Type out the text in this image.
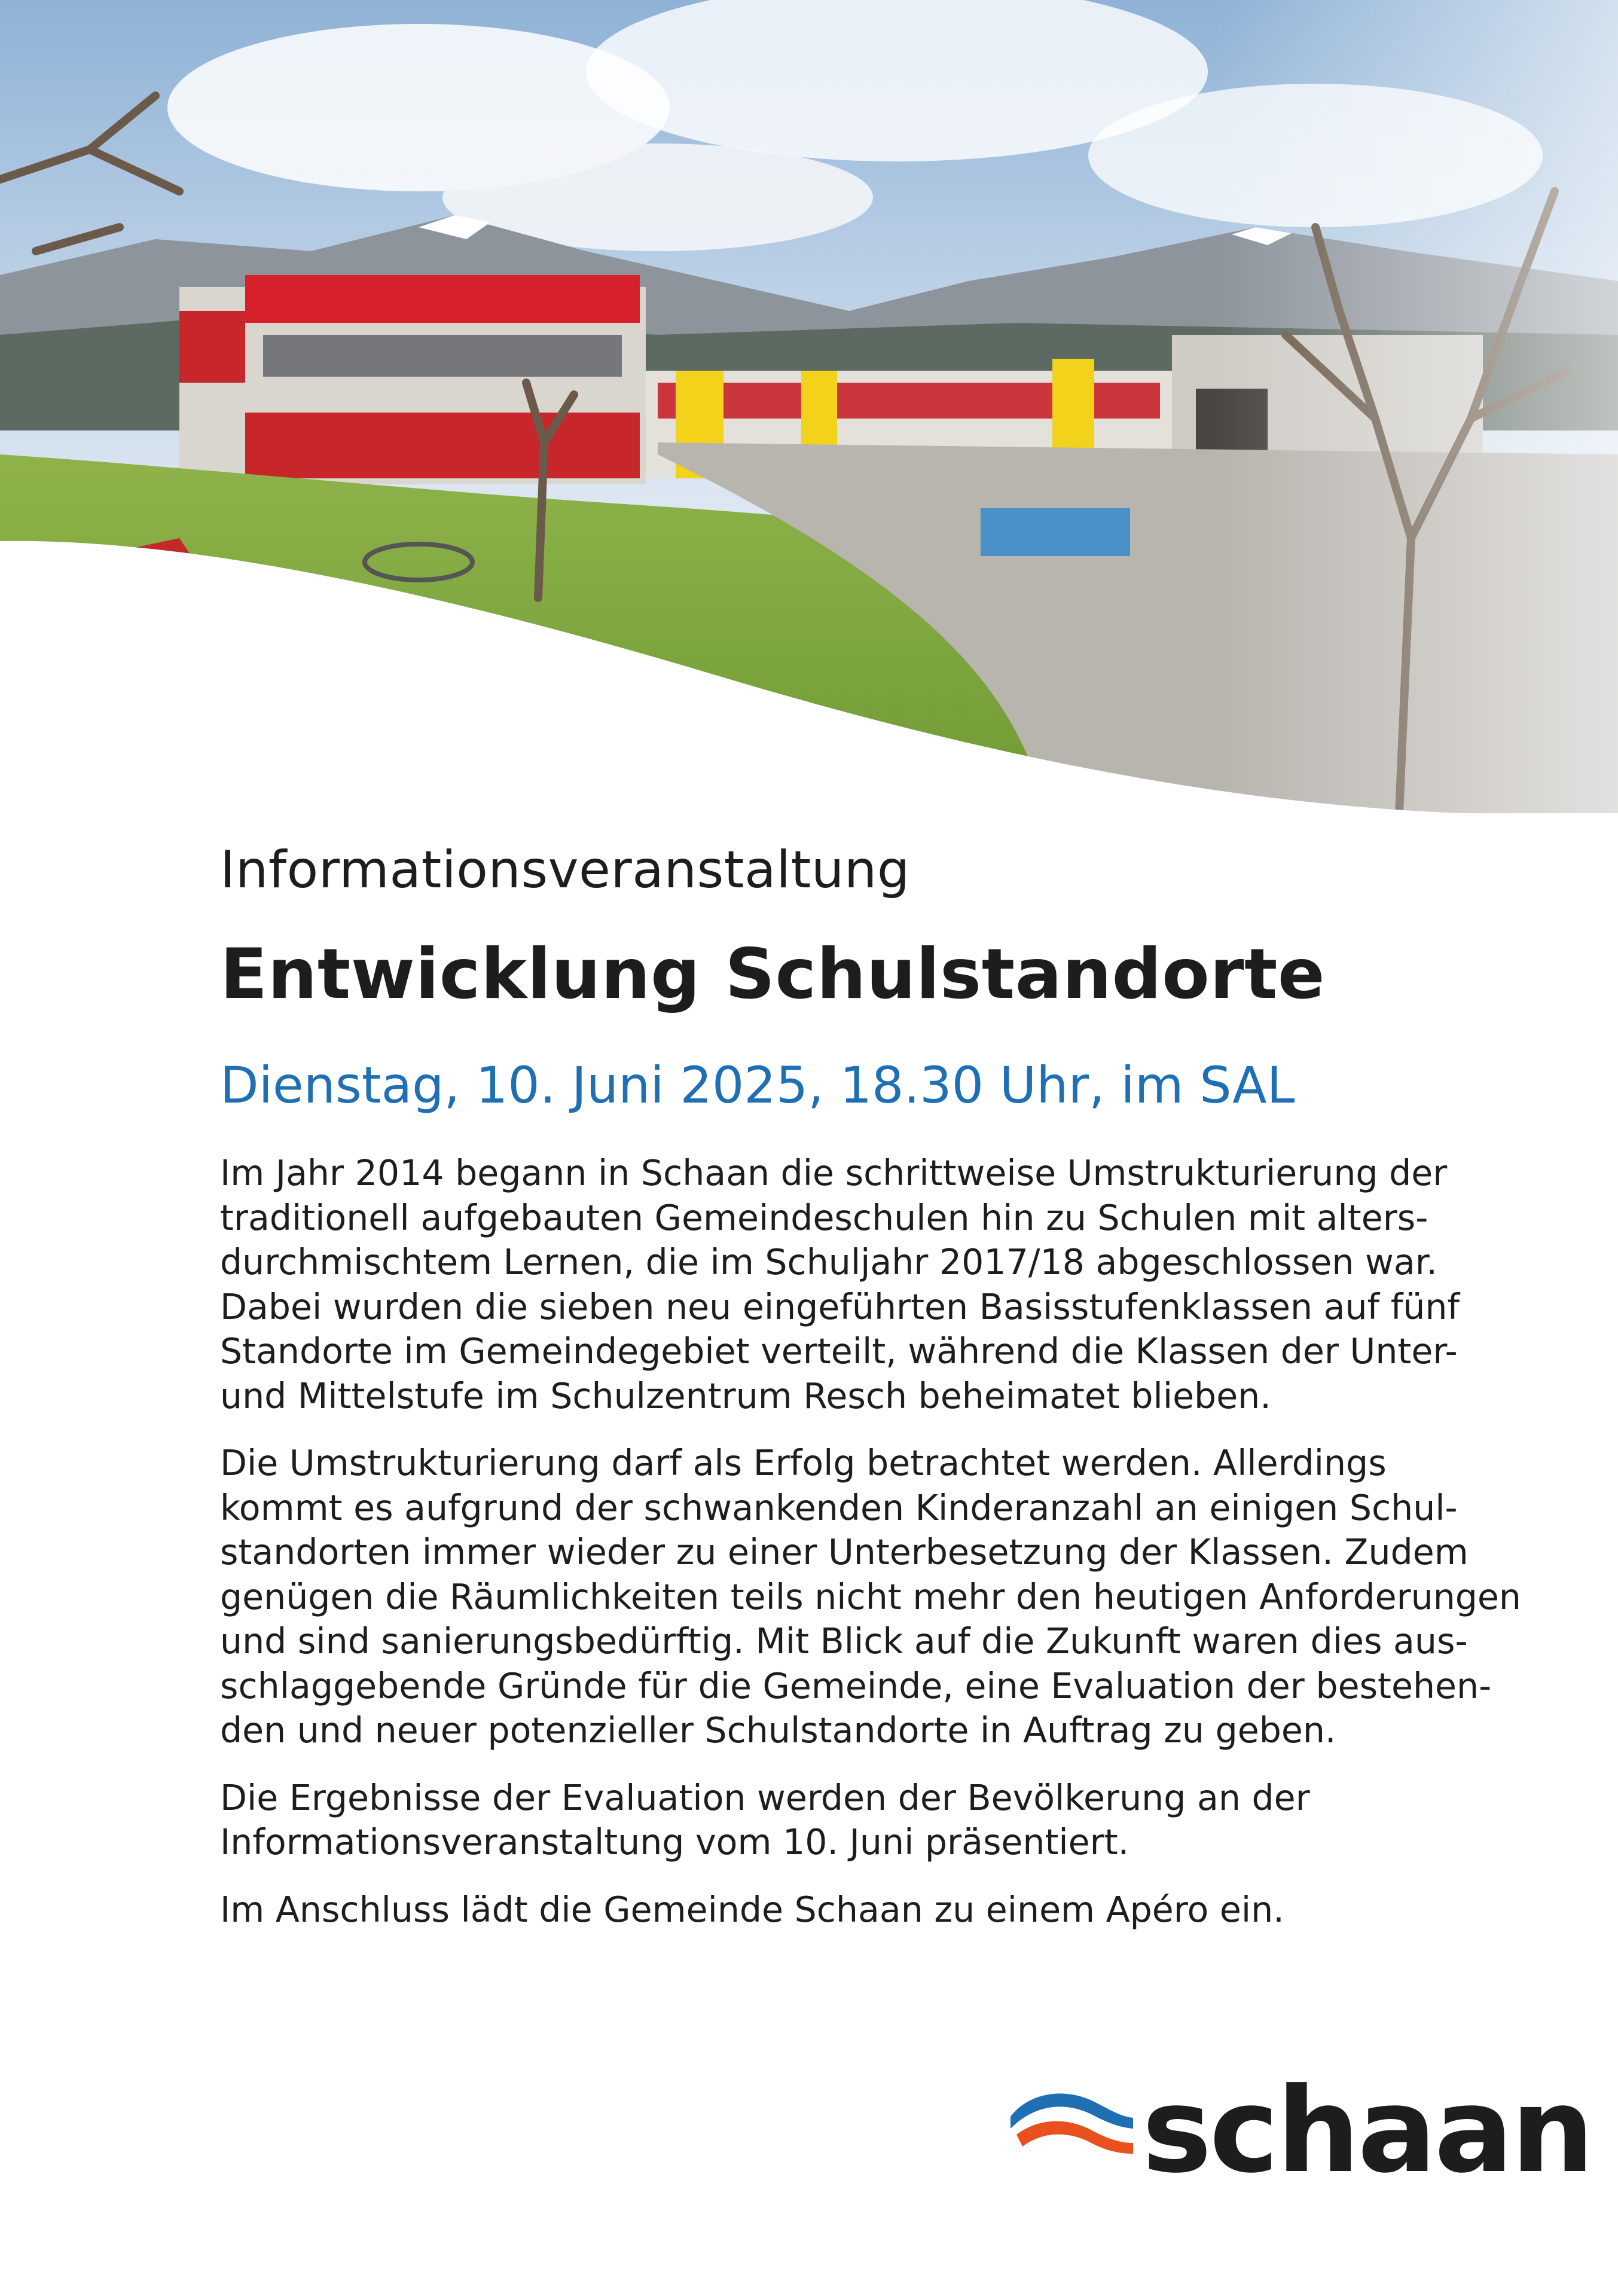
Informationsveranstaltung
Entwicklung Schulstandorte
Dienstag, 10. Juni 2025, 18.30 Uhr, im SAL

Im Jahr 2014 begann in Schaan die schrittweise Umstrukturierung der
traditionell aufgebauten Gemeindeschulen hin zu Schulen mit alters-
durchmischtem Lernen, die im Schuljahr 2017/18 abgeschlossen war.
Dabei wurden die sieben neu eingeführten Basisstufenklassen auf fünf
Standorte im Gemeindegebiet verteilt, während die Klassen der Unter-
und Mittelstufe im Schulzentrum Resch beheimatet blieben.

Die Umstrukturierung darf als Erfolg betrachtet werden. Allerdings
kommt es aufgrund der schwankenden Kinderanzahl an einigen Schul-
standorten immer wieder zu einer Unterbesetzung der Klassen. Zudem
genügen die Räumlichkeiten teils nicht mehr den heutigen Anforderungen
und sind sanierungsbedürftig. Mit Blick auf die Zukunft waren dies aus-
schlaggebende Gründe für die Gemeinde, eine Evaluation der bestehen-
den und neuer potenzieller Schulstandorte in Auftrag zu geben.

Die Ergebnisse der Evaluation werden der Bevölkerung an der
Informationsveranstaltung vom 10. Juni präsentiert.

Im Anschluss lädt die Gemeinde Schaan zu einem Apéro ein.

schaan
